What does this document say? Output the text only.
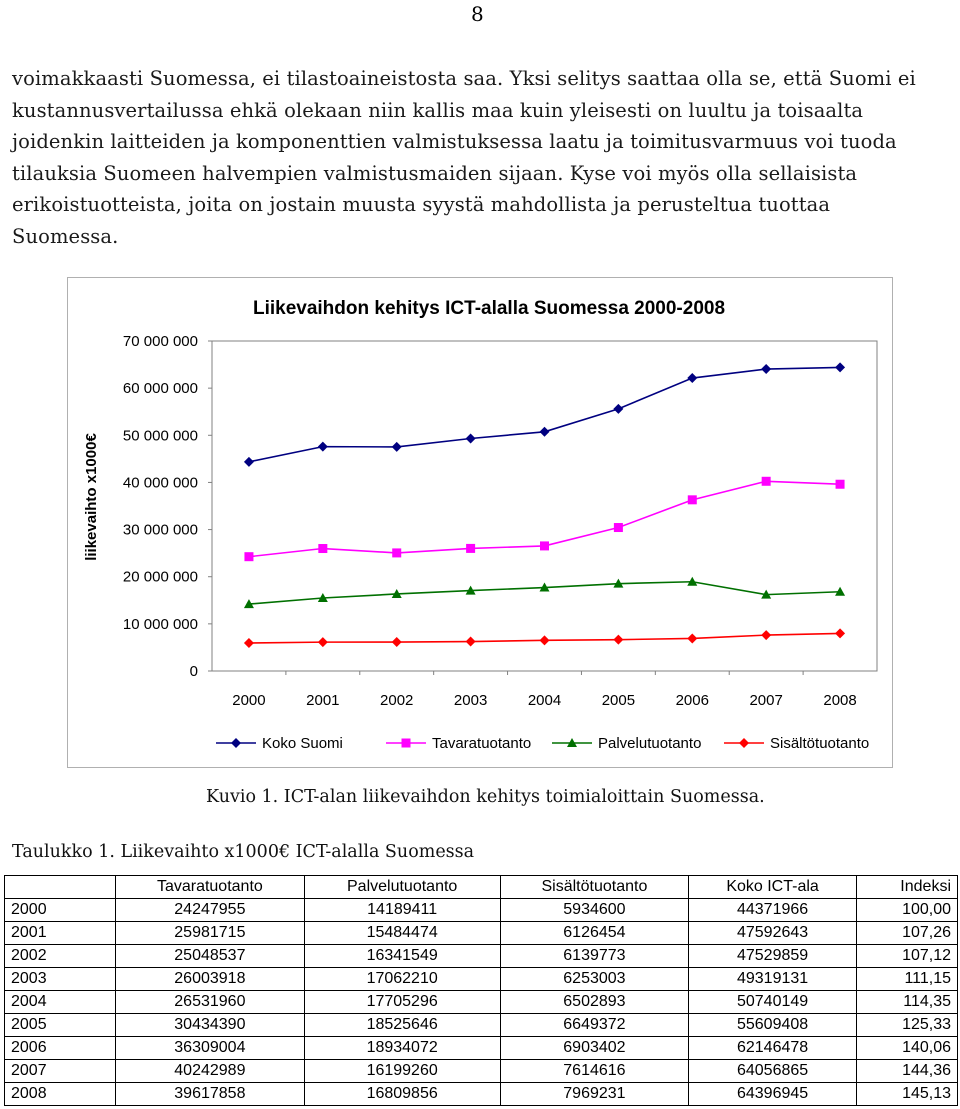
8
voimakkaasti Suomessa, ei tilastoaineistosta saa. Yksi selitys saattaa olla se, että Suomi ei
kustannusvertailussa ehkä olekaan niin kallis maa kuin yleisesti on luultu ja toisaalta
joidenkin laitteiden ja komponenttien valmistuksessa laatu ja toimitusvarmuus voi tuoda
tilauksia Suomeen halvempien valmistusmaiden sijaan. Kyse voi myös olla sellaisista
erikoistuotteista, joita on jostain muusta syystä mahdollista ja perusteltua tuottaa
Suomessa.
Liikevaihdon kehitys ICT-alalla Suomessa 2000-2008
liikevaihto x1000€
0
10 000 000
20 000 000
30 000 000
40 000 000
50 000 000
60 000 000
70 000 000
2000	2001	2002	2003	2004	2005	2006	2007	2008
Koko Suomi	Tavaratuotanto	Palvelutuotanto	Sisältötuotanto
Kuvio 1. ICT-alan liikevaihdon kehitys toimialoittain Suomessa.
Taulukko 1. Liikevaihto x1000€ ICT-alalla Suomessa
	Tavaratuotanto	Palvelutuotanto	Sisältötuotanto	Koko ICT-ala	Indeksi
2000	24247955	14189411	5934600	44371966	100,00
2001	25981715	15484474	6126454	47592643	107,26
2002	25048537	16341549	6139773	47529859	107,12
2003	26003918	17062210	6253003	49319131	111,15
2004	26531960	17705296	6502893	50740149	114,35
2005	30434390	18525646	6649372	55609408	125,33
2006	36309004	18934072	6903402	62146478	140,06
2007	40242989	16199260	7614616	64056865	144,36
2008	39617858	16809856	7969231	64396945	145,13
